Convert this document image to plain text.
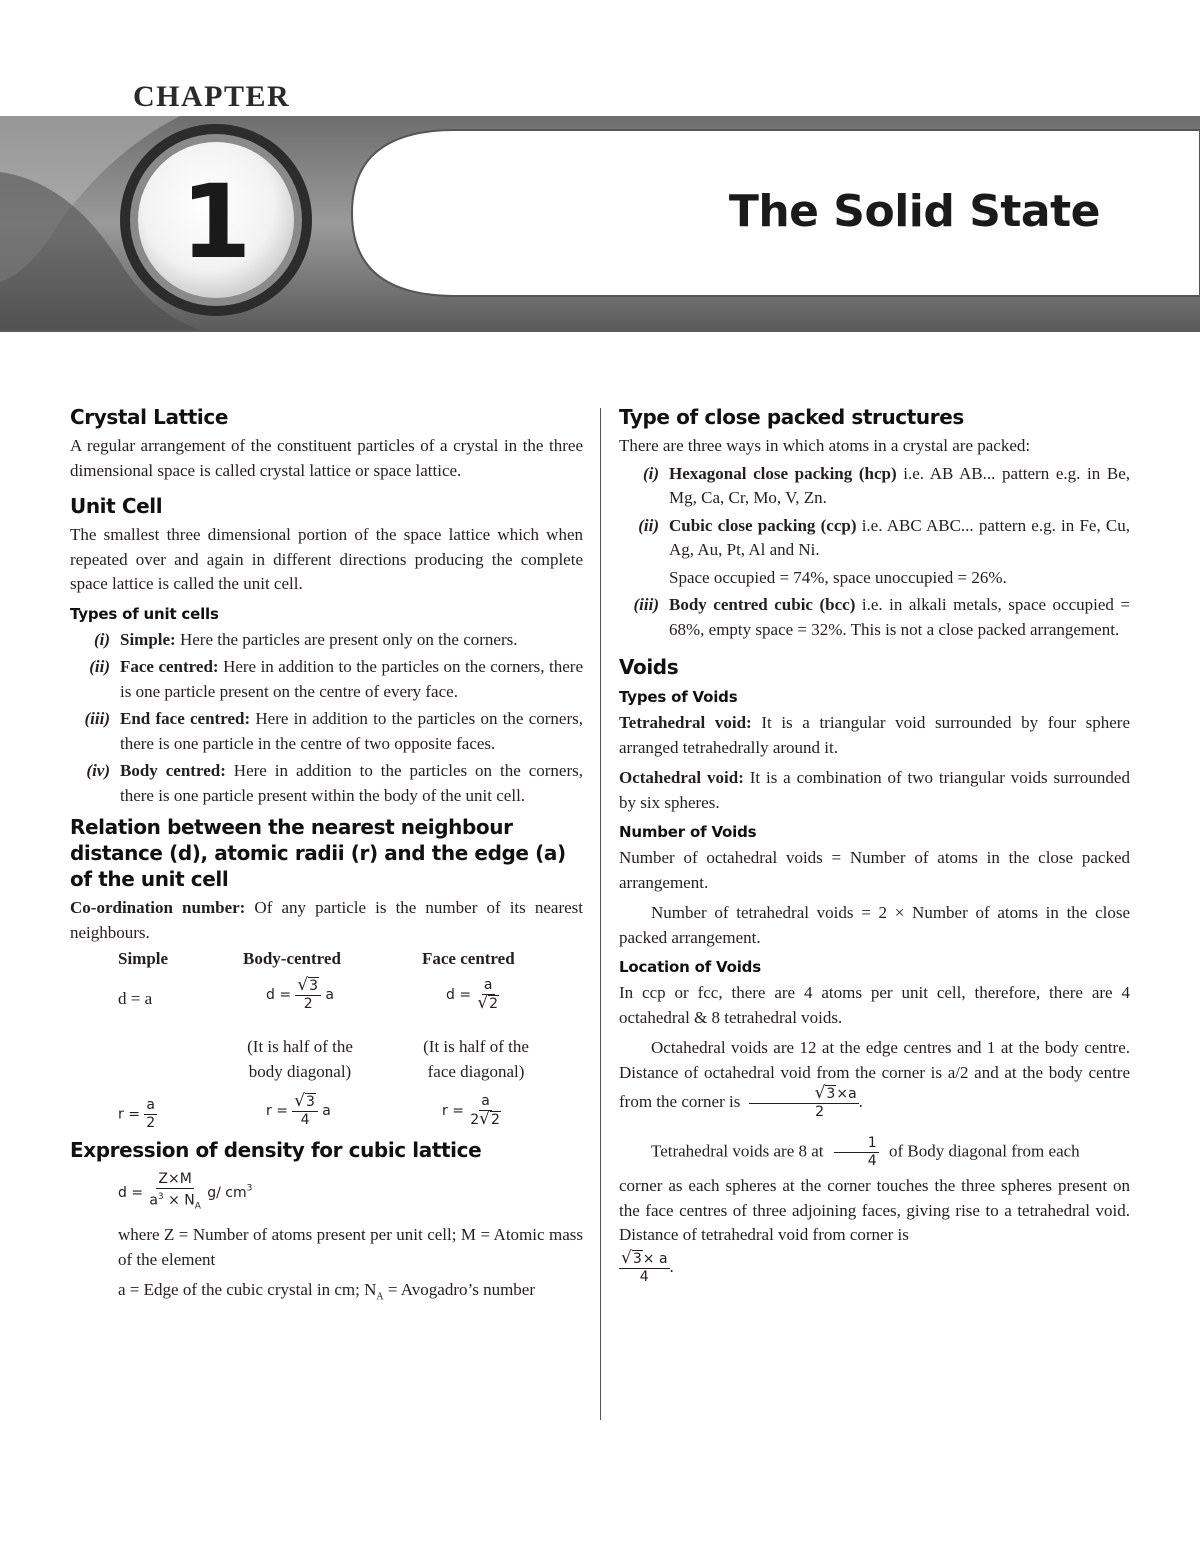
CHAPTER
1	The Solid State
Crystal Lattice

A regular arrangement of the constituent particles of a crystal in the three dimensional space is called crystal lattice or space lattice.

Unit Cell

The smallest three dimensional portion of the space lattice which when repeated over and again in different directions producing the complete space lattice is called the unit cell.

Types of unit cells
(i) Simple: Here the particles are present only on the corners.
(ii) Face centred: Here in addition to the particles on the corners, there is one particle present on the centre of every face.
(iii) End face centred: Here in addition to the particles on the corners, there is one particle in the centre of two opposite faces.
(iv) Body centred: Here in addition to the particles on the corners, there is one particle present within the body of the unit cell.
Relation between the nearest neighbour distance (d), atomic radii (r) and the edge (a) of the unit cell

Co-ordination number: Of any particle is the number of its nearest neighbours.

Simple	Body-centred	Face centred
d = a	$d = \frac{√3}{2}$ a	$d = \frac{a}{√2}$
(It is half of the
body diagonal)
(It is half of the
face diagonal)
$r = \frac{a}{2}$	$r = \frac{√3}{4}$ a	$r = \frac{a}{2√2}$
Expression of density for cubic lattice
$d = \frac{Z\times M}{a^3 \times N_A} g/$ $cm^3$

where Z = Number of atoms present per unit cell; M = Atomic mass of the element

a = Edge of the cubic crystal in cm; $N_A$ = Avogadro’s number

Type of close packed structures

There are three ways in which atoms in a crystal are packed:

(i) Hexagonal close packing (hcp) i.e. AB AB... pattern e.g. in Be, Mg, Ca, Cr, Mo, V, Zn.
(ii) Cubic close packing (ccp) i.e. ABC ABC... pattern e.g. in Fe, Cu, Ag, Au, Pt, Al and Ni.
Space occupied = 74%, space unoccupied = 26%.
(iii) Body centred cubic (bcc) i.e. in alkali metals, space occupied = 68%, empty space = 32%. This is not a close packed arrangement.
Voids
Types of Voids

Tetrahedral void: It is a triangular void surrounded by four sphere arranged tetrahedrally around it.

Octahedral void: It is a combination of two triangular voids surrounded by six spheres.

Number of Voids

Number of octahedral voids = Number of atoms in the close packed arrangement.

Number of tetrahedral voids = 2 × Number of atoms in the close packed arrangement.

Location of Voids

In ccp or fcc, there are 4 atoms per unit cell, therefore, there are 4 octahedral & 8 tetrahedral voids.

Octahedral voids are 12 at the edge centres and 1 at the body centre. Distance of octahedral void from the corner is a/2 and at the body centre from the corner is $\frac{√3\times a}{2}$ .

Tetrahedral voids are 8 at $\frac{1}{4}$ of Body diagonal from each

corner as each spheres at the corner touches the three spheres present on the face centres of three adjoining faces, giving rise to a tetrahedral void. Distance of tetrahedral void from corner is

$\frac{√3\times a}{4}$ .
